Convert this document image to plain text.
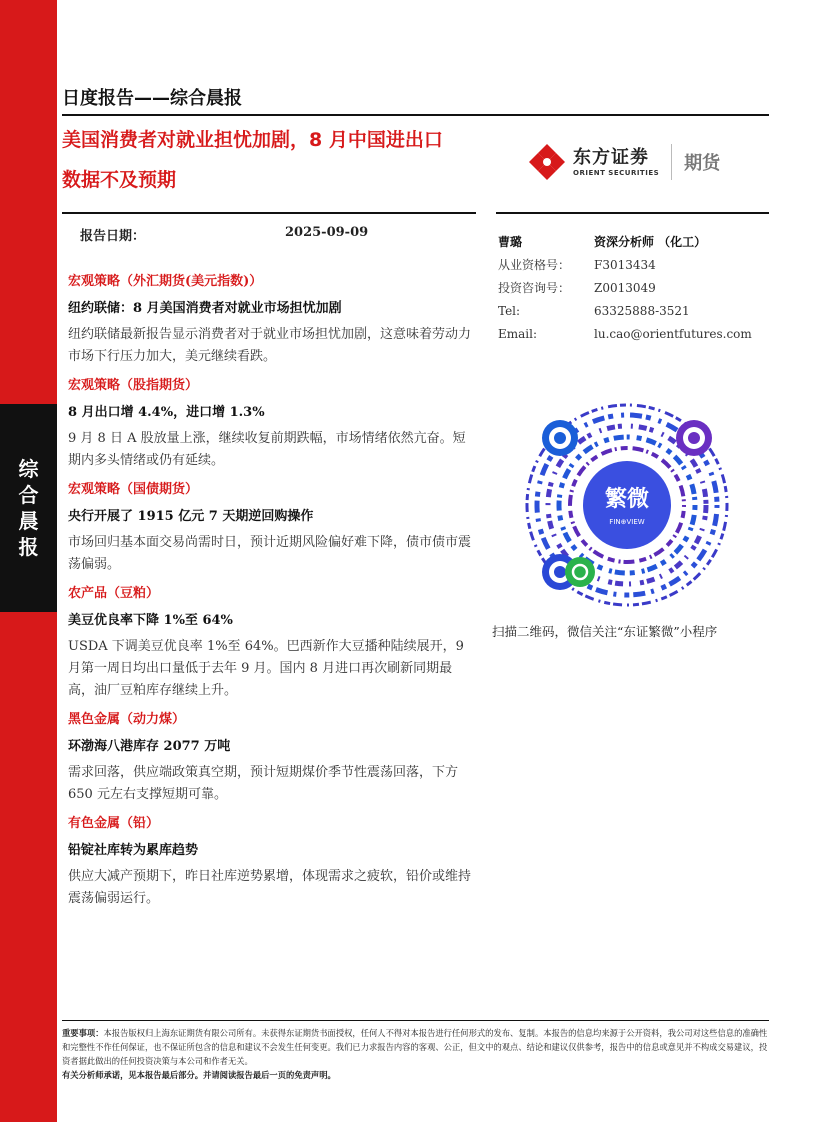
综
合
晨
报
日度报告——综合晨报
美国消费者对就业担忧加剧，8 月中国进出口
数据不及预期
东方证劵
ORIENT SECURITIES 期货
报告日期：	2025-09-09
宏观策略（外汇期货(美元指数)）
纽约联储：8 月美国消费者对就业市场担忧加剧
纽约联储最新报告显示消费者对于就业市场担忧加剧，这意味着劳动力市场下行压力加大，美元继续看跌。
宏观策略（股指期货）
8 月出口增 4.4%，进口增 1.3%
9 月 8 日 A 股放量上涨，继续收复前期跌幅，市场情绪依然亢奋。短期内多头情绪或仍有延续。
宏观策略（国债期货）
央行开展了 1915 亿元 7 天期逆回购操作
市场回归基本面交易尚需时日，预计近期风险偏好难下降，债市债市震荡偏弱。
农产品（豆粕）
美豆优良率下降 1%至 64%
USDA 下调美豆优良率 1%至 64%。巴西新作大豆播种陆续展开，9 月第一周日均出口量低于去年 9 月。国内 8 月进口再次刷新同期最高，油厂豆粕库存继续上升。
黑色金属（动力煤）
环渤海八港库存 2077 万吨
需求回落，供应端政策真空期，预计短期煤价季节性震荡回落，下方 650 元左右支撑短期可靠。
有色金属（铅）
铅锭社库转为累库趋势
供应大减产预期下，昨日社库逆势累增，体现需求之疲软，铅价或维持震荡偏弱运行。
曹璐	资深分析师 （化工）
从业资格号： F3013434
投资咨询号： Z0013049
Tel:	63325888-3521
Email:	lu.cao@orientfutures.com
繁微
FIN⊕VIEW
扫描二维码，微信关注“东证繁微”小程序
重要事项：本报告版权归上海东证期货有限公司所有。未获得东证期货书面授权，任何人不得对本报告进行任何形式的发布、复制。本报告的信息均来源于公开资料，我公司对这些信息的准确性和完整性不作任何保证，也不保证所包含的信息和建议不会发生任何变更。我们已力求报告内容的客观、公正，但文中的观点、结论和建议仅供参考，报告中的信息或意见并不构成交易建议，投资者据此做出的任何投资决策与本公司和作者无关。
有关分析师承诺，见本报告最后部分。并请阅读报告最后一页的免责声明。
